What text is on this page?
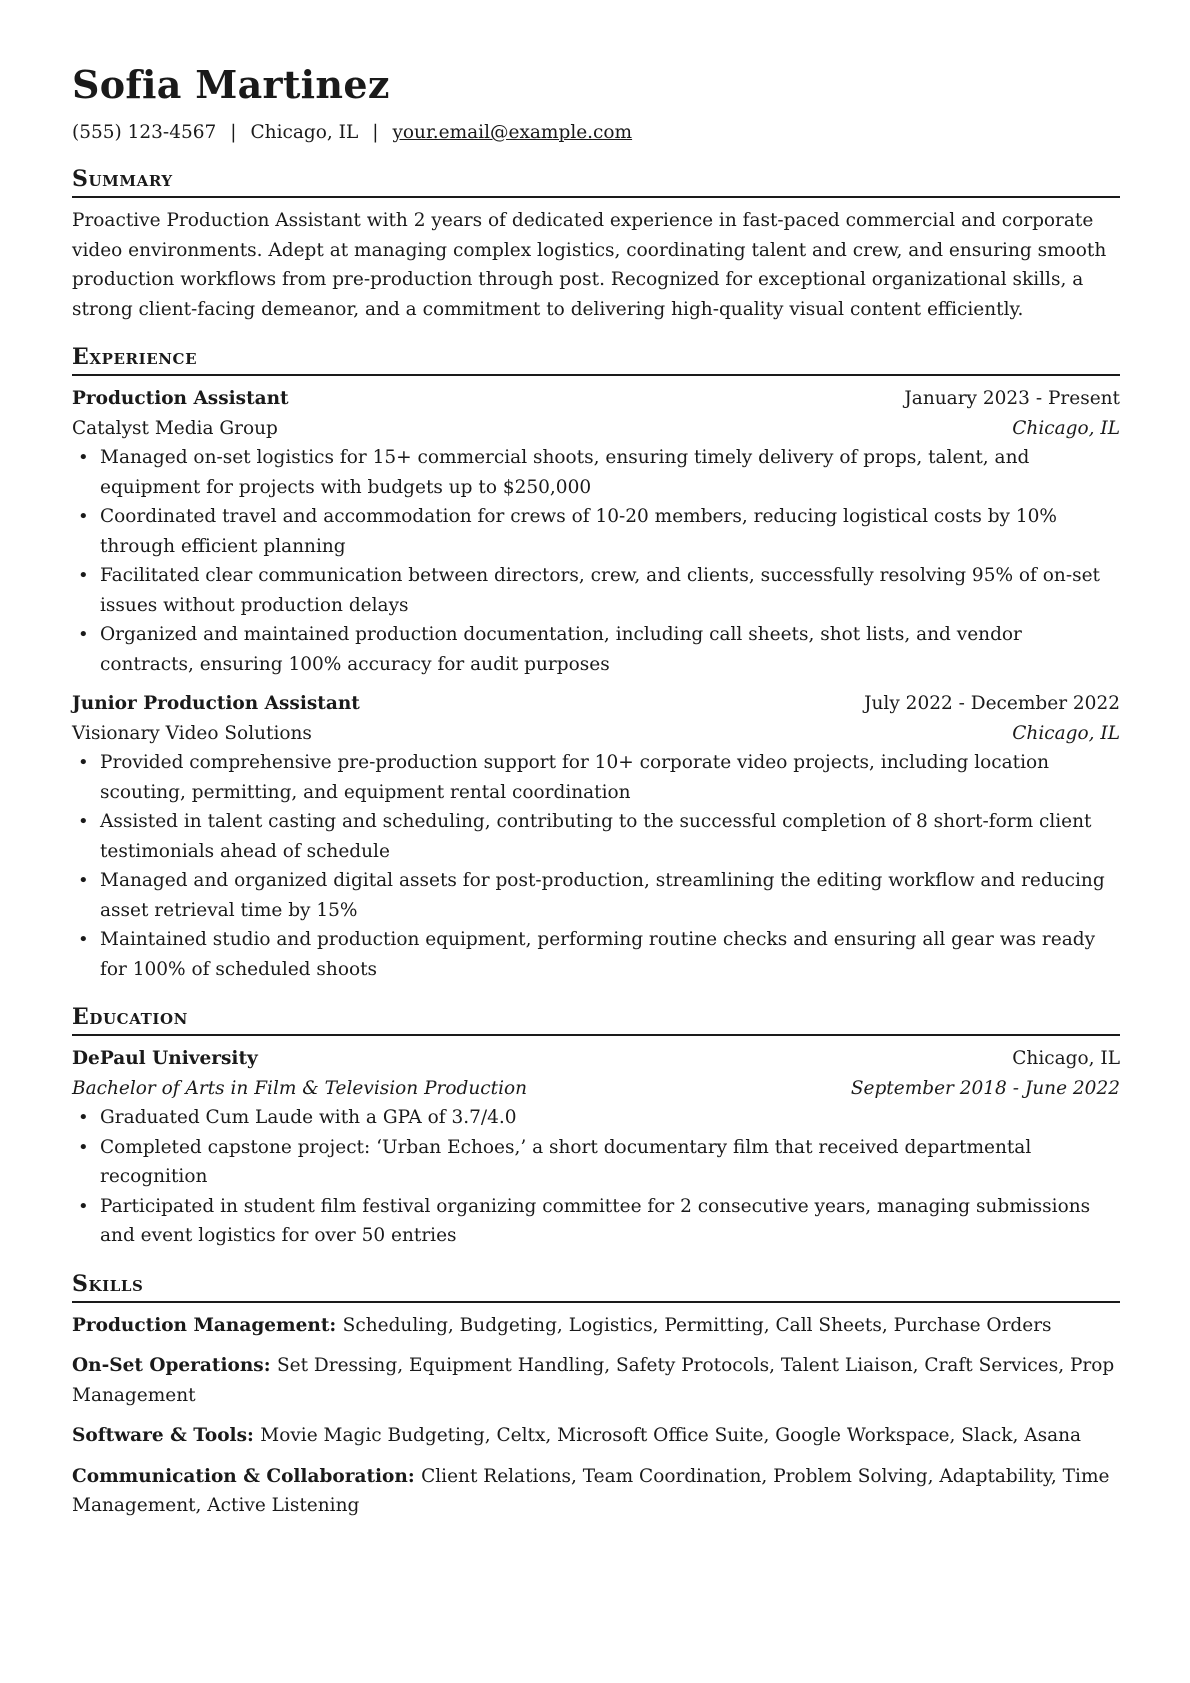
Sofia Martinez
(555) 123-4567 | Chicago, IL | your.email@example.com
Summary

Proactive Production Assistant with 2 years of dedicated experience in fast-paced commercial and corporate video environments. Adept at managing complex logistics, coordinating talent and crew, and ensuring smooth production workflows from pre-production through post. Recognized for exceptional organizational skills, a strong client-facing demeanor, and a commitment to delivering high-quality visual content efficiently.

Experience
Production Assistant	January 2023 - Present
Catalyst Media Group	Chicago, IL
• Managed on-set logistics for 15+ commercial shoots, ensuring timely delivery of props, talent, and equipment for projects with budgets up to $250,000
• Coordinated travel and accommodation for crews of 10-20 members, reducing logistical costs by 10% through efficient planning
• Facilitated clear communication between directors, crew, and clients, successfully resolving 95% of on-set issues without production delays
• Organized and maintained production documentation, including call sheets, shot lists, and vendor contracts, ensuring 100% accuracy for audit purposes
Junior Production Assistant	July 2022 - December 2022
Visionary Video Solutions	Chicago, IL
• Provided comprehensive pre-production support for 10+ corporate video projects, including location scouting, permitting, and equipment rental coordination
• Assisted in talent casting and scheduling, contributing to the successful completion of 8 short-form client testimonials ahead of schedule
• Managed and organized digital assets for post-production, streamlining the editing workflow and reducing asset retrieval time by 15%
• Maintained studio and production equipment, performing routine checks and ensuring all gear was ready for 100% of scheduled shoots
Education
DePaul University	Chicago, IL
Bachelor of Arts in Film & Television Production	September 2018 - June 2022
• Graduated Cum Laude with a GPA of 3.7/4.0
• Completed capstone project: ‘Urban Echoes,’ a short documentary film that received departmental recognition
• Participated in student film festival organizing committee for 2 consecutive years, managing submissions and event logistics for over 50 entries
Skills
Production Management: Scheduling, Budgeting, Logistics, Permitting, Call Sheets, Purchase Orders
On-Set Operations: Set Dressing, Equipment Handling, Safety Protocols, Talent Liaison, Craft Services, Prop Management
Software & Tools: Movie Magic Budgeting, Celtx, Microsoft Office Suite, Google Workspace, Slack, Asana
Communication & Collaboration: Client Relations, Team Coordination, Problem Solving, Adaptability, Time Management, Active Listening
